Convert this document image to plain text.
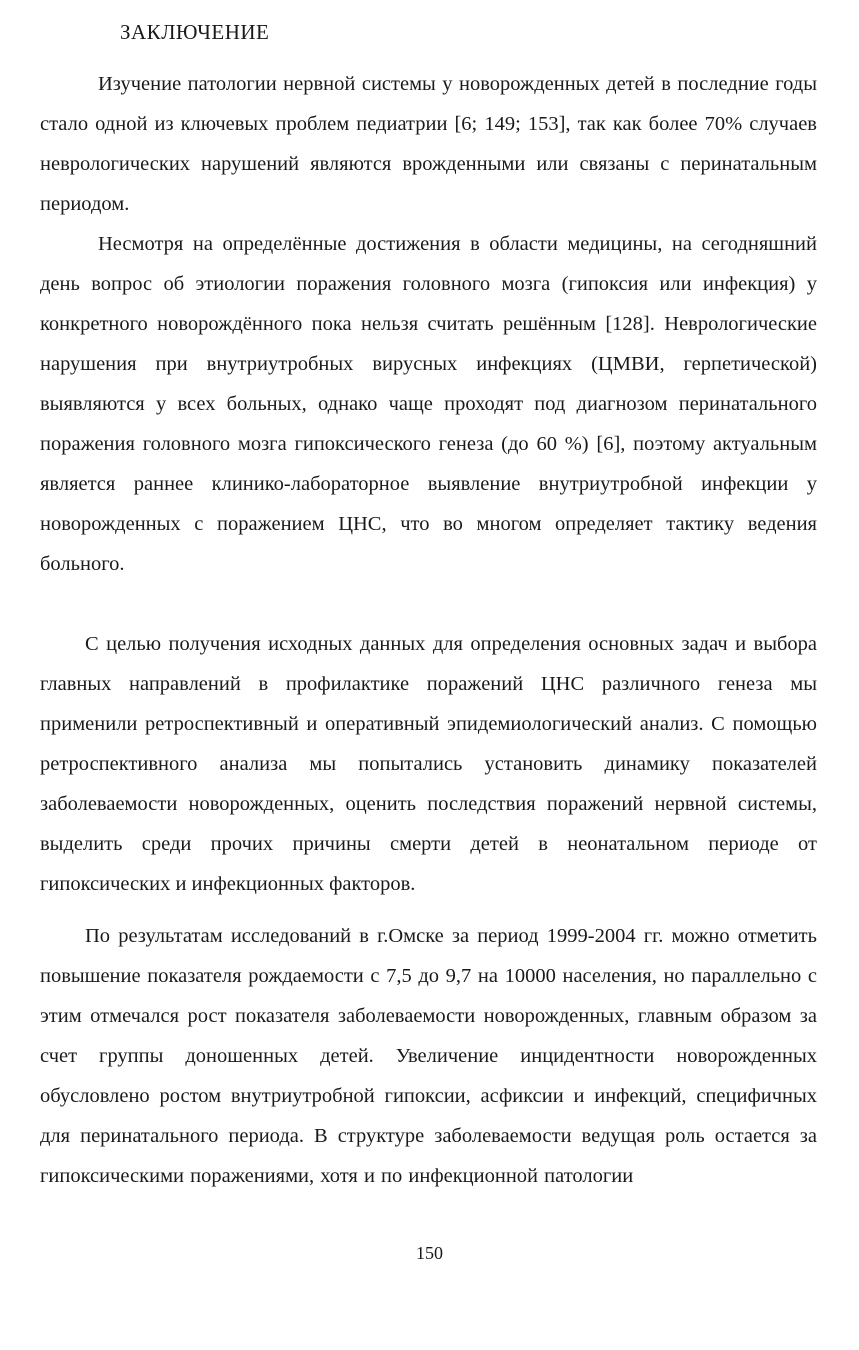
ЗАКЛЮЧЕНИЕ

Изучение патологии нервной системы у новорожденных детей в последние годы стало одной из ключевых проблем педиатрии [6; 149; 153], так как более 70% случаев неврологических нарушений являются врожденными или связаны с перинатальным периодом.

Несмотря на определённые достижения в области медицины, на сегодняшний день вопрос об этиологии поражения головного мозга (гипоксия или инфекция) у конкретного новорождённого пока нельзя считать решённым [128]. Неврологические нарушения при внутриутробных вирусных инфекциях (ЦМВИ, герпетической) выявляются у всех больных, однако чаще проходят под диагнозом перинатального поражения головного мозга гипоксического генеза (до 60 %) [6], поэтому актуальным является раннее клинико-лабораторное выявление внутриутробной инфекции у новорожденных с поражением ЦНС, что во многом определяет тактику ведения больного.

С целью получения исходных данных для определения основных задач и выбора главных направлений в профилактике поражений ЦНС различного генеза мы применили ретроспективный и оперативный эпидемиологический анализ. С помощью ретроспективного анализа мы попытались установить динамику показателей заболеваемости новорожденных, оценить последствия поражений нервной системы, выделить среди прочих причины смерти детей в неонатальном периоде от гипоксических и инфекционных факторов.

По результатам исследований в г.Омске за период 1999-2004 гг. можно отметить повышение показателя рождаемости с 7,5 до 9,7 на 10000 населения, но параллельно с этим отмечался рост показателя заболеваемости новорожденных, главным образом за счет группы доношенных детей. Увеличение инцидентности новорожденных обусловлено ростом внутриутробной гипоксии, асфиксии и инфекций, специфичных для перинатального периода. В структуре заболеваемости ведущая роль остается за гипоксическими поражениями, хотя и по инфекционной патологии

150
